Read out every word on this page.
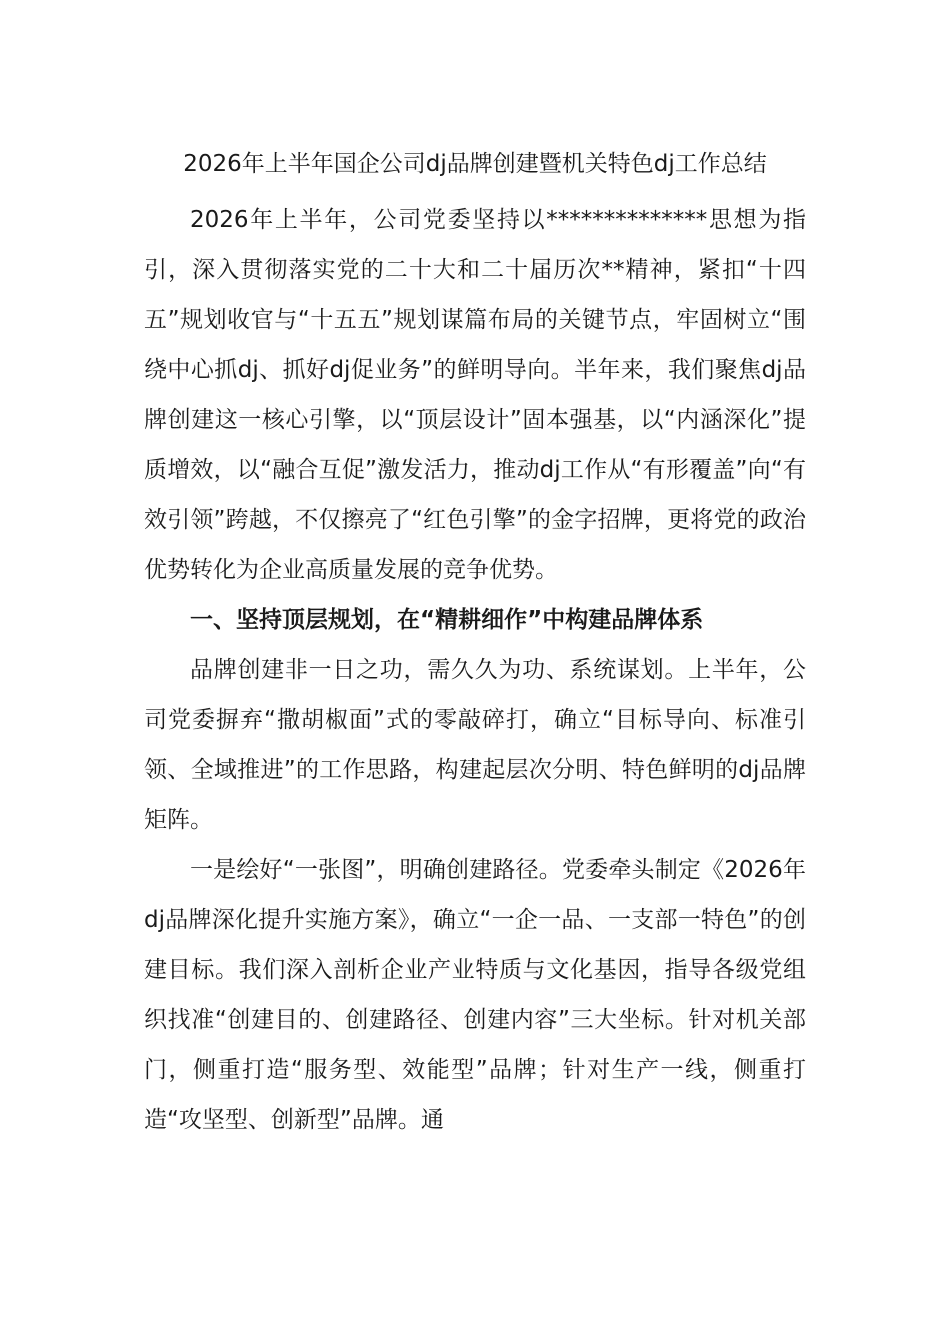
2026年上半年国企公司dj品牌创建暨机关特色dj工作总结

2026年上半年，公司党委坚持以**************思想为指引，深入贯彻落实党的二十大和二十届历次**精神，紧扣“十四五”规划收官与“十五五”规划谋篇布局的关键节点，牢固树立“围绕中心抓dj、抓好dj促业务”的鲜明导向。半年来，我们聚焦dj品牌创建这一核心引擎，以“顶层设计”固本强基，以“内涵深化”提质增效，以“融合互促”激发活力，推动dj工作从“有形覆盖”向“有效引领”跨越，不仅擦亮了“红色引擎”的金字招牌，更将党的政治优势转化为企业高质量发展的竞争优势。

一、坚持顶层规划，在“精耕细作”中构建品牌体系

品牌创建非一日之功，需久久为功、系统谋划。上半年，公司党委摒弃“撒胡椒面”式的零敲碎打，确立“目标导向、标准引领、全域推进”的工作思路，构建起层次分明、特色鲜明的dj品牌矩阵。

一是绘好“一张图”，明确创建路径。党委牵头制定《2026年dj品牌深化提升实施方案》，确立“一企一品、一支部一特色”的创建目标。我们深入剖析企业产业特质与文化基因，指导各级党组织找准“创建目的、创建路径、创建内容”三大坐标。针对机关部门，侧重打造“服务型、效能型”品牌；针对生产一线，侧重打造“攻坚型、创新型”品牌。通
